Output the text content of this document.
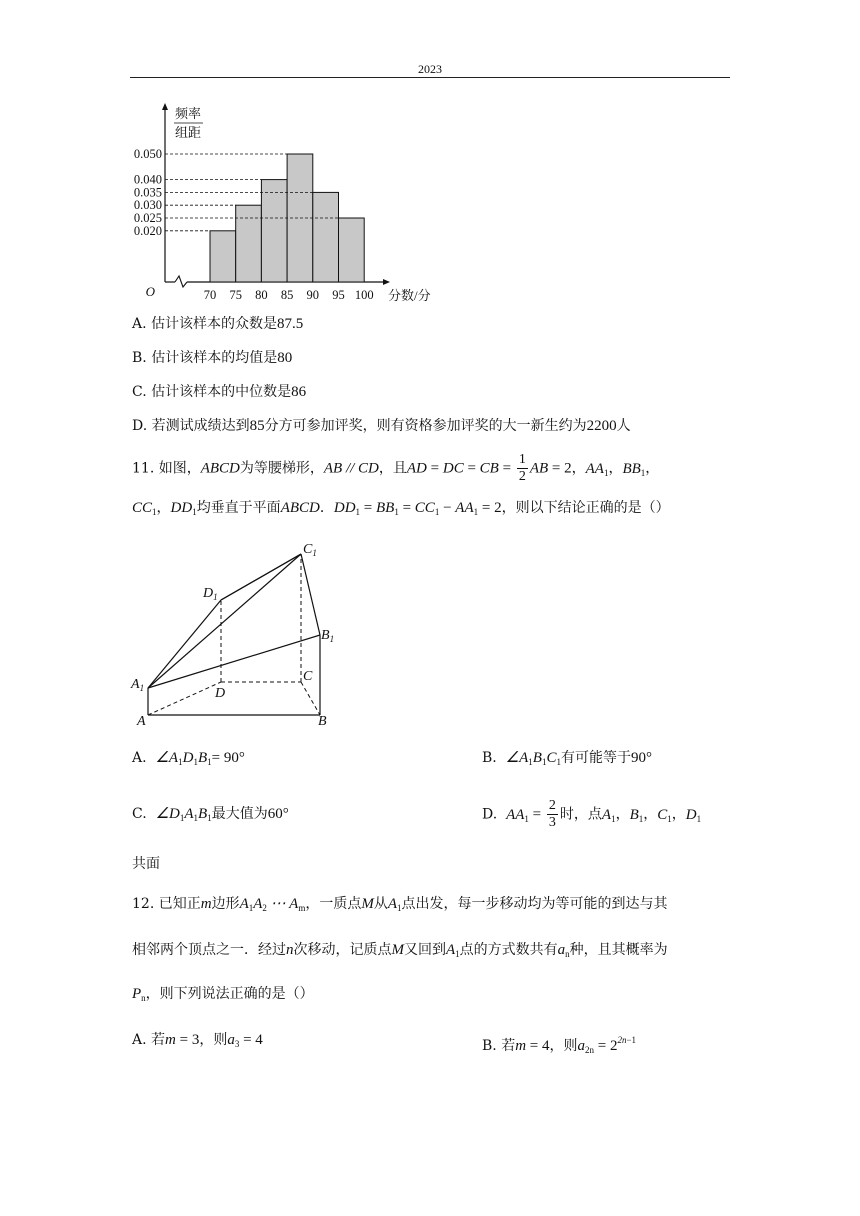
2023
0.050
0.040
0.035
0.030
0.025
0.020
70 75 80 85 90 95 100
O	分数/分
频率
组距
A. 估计该样本的众数是87.5
B. 估计该样本的均值是80
C. 估计该样本的中位数是86
D. 若测试成绩达到85分方可参加评奖，则有资格参加评奖的大一新生约为2200人
11. 如图，ABCD为等腰梯形，AB // CD，且AD = DC = CB = $\frac{1}{2}$ AB = 2，$AA_1$，$BB_1$，
$CC_1$，$DD_1$均垂直于平面ABCD．$DD_1 = BB_1 = CC_1 - AA_1 = 2$，则以下结论正确的是（）
$C_1$
$D_1$
$B_1$
$A_1$	D
C
A	B
A. $\angle A_1D_1B_1= 90^\circ$	B. $\angle A_1B_1C_1$有可能等于90°
C. $\angle D_1A_1B_1$最大值为60°	D. $AA_1 = \frac{2}{3}$ 时，点$A_1$，$B_1$，$C_1$，$D_1$
共面
12. 已知正m边形$A_1A_2$ ⋯ $A_m$，一质点M从$A_1$点出发，每一步移动均为等可能的到达与其
相邻两个顶点之一．经过n次移动，记质点M又回到$A_1$点的方式数共有$a_n$种，且其概率为
$P_n$，则下列说法正确的是（）
A. 若m = 3，则$a_3 = 4$	B. 若m = 4，则$a_{2n} = 2^{2n-1}$
